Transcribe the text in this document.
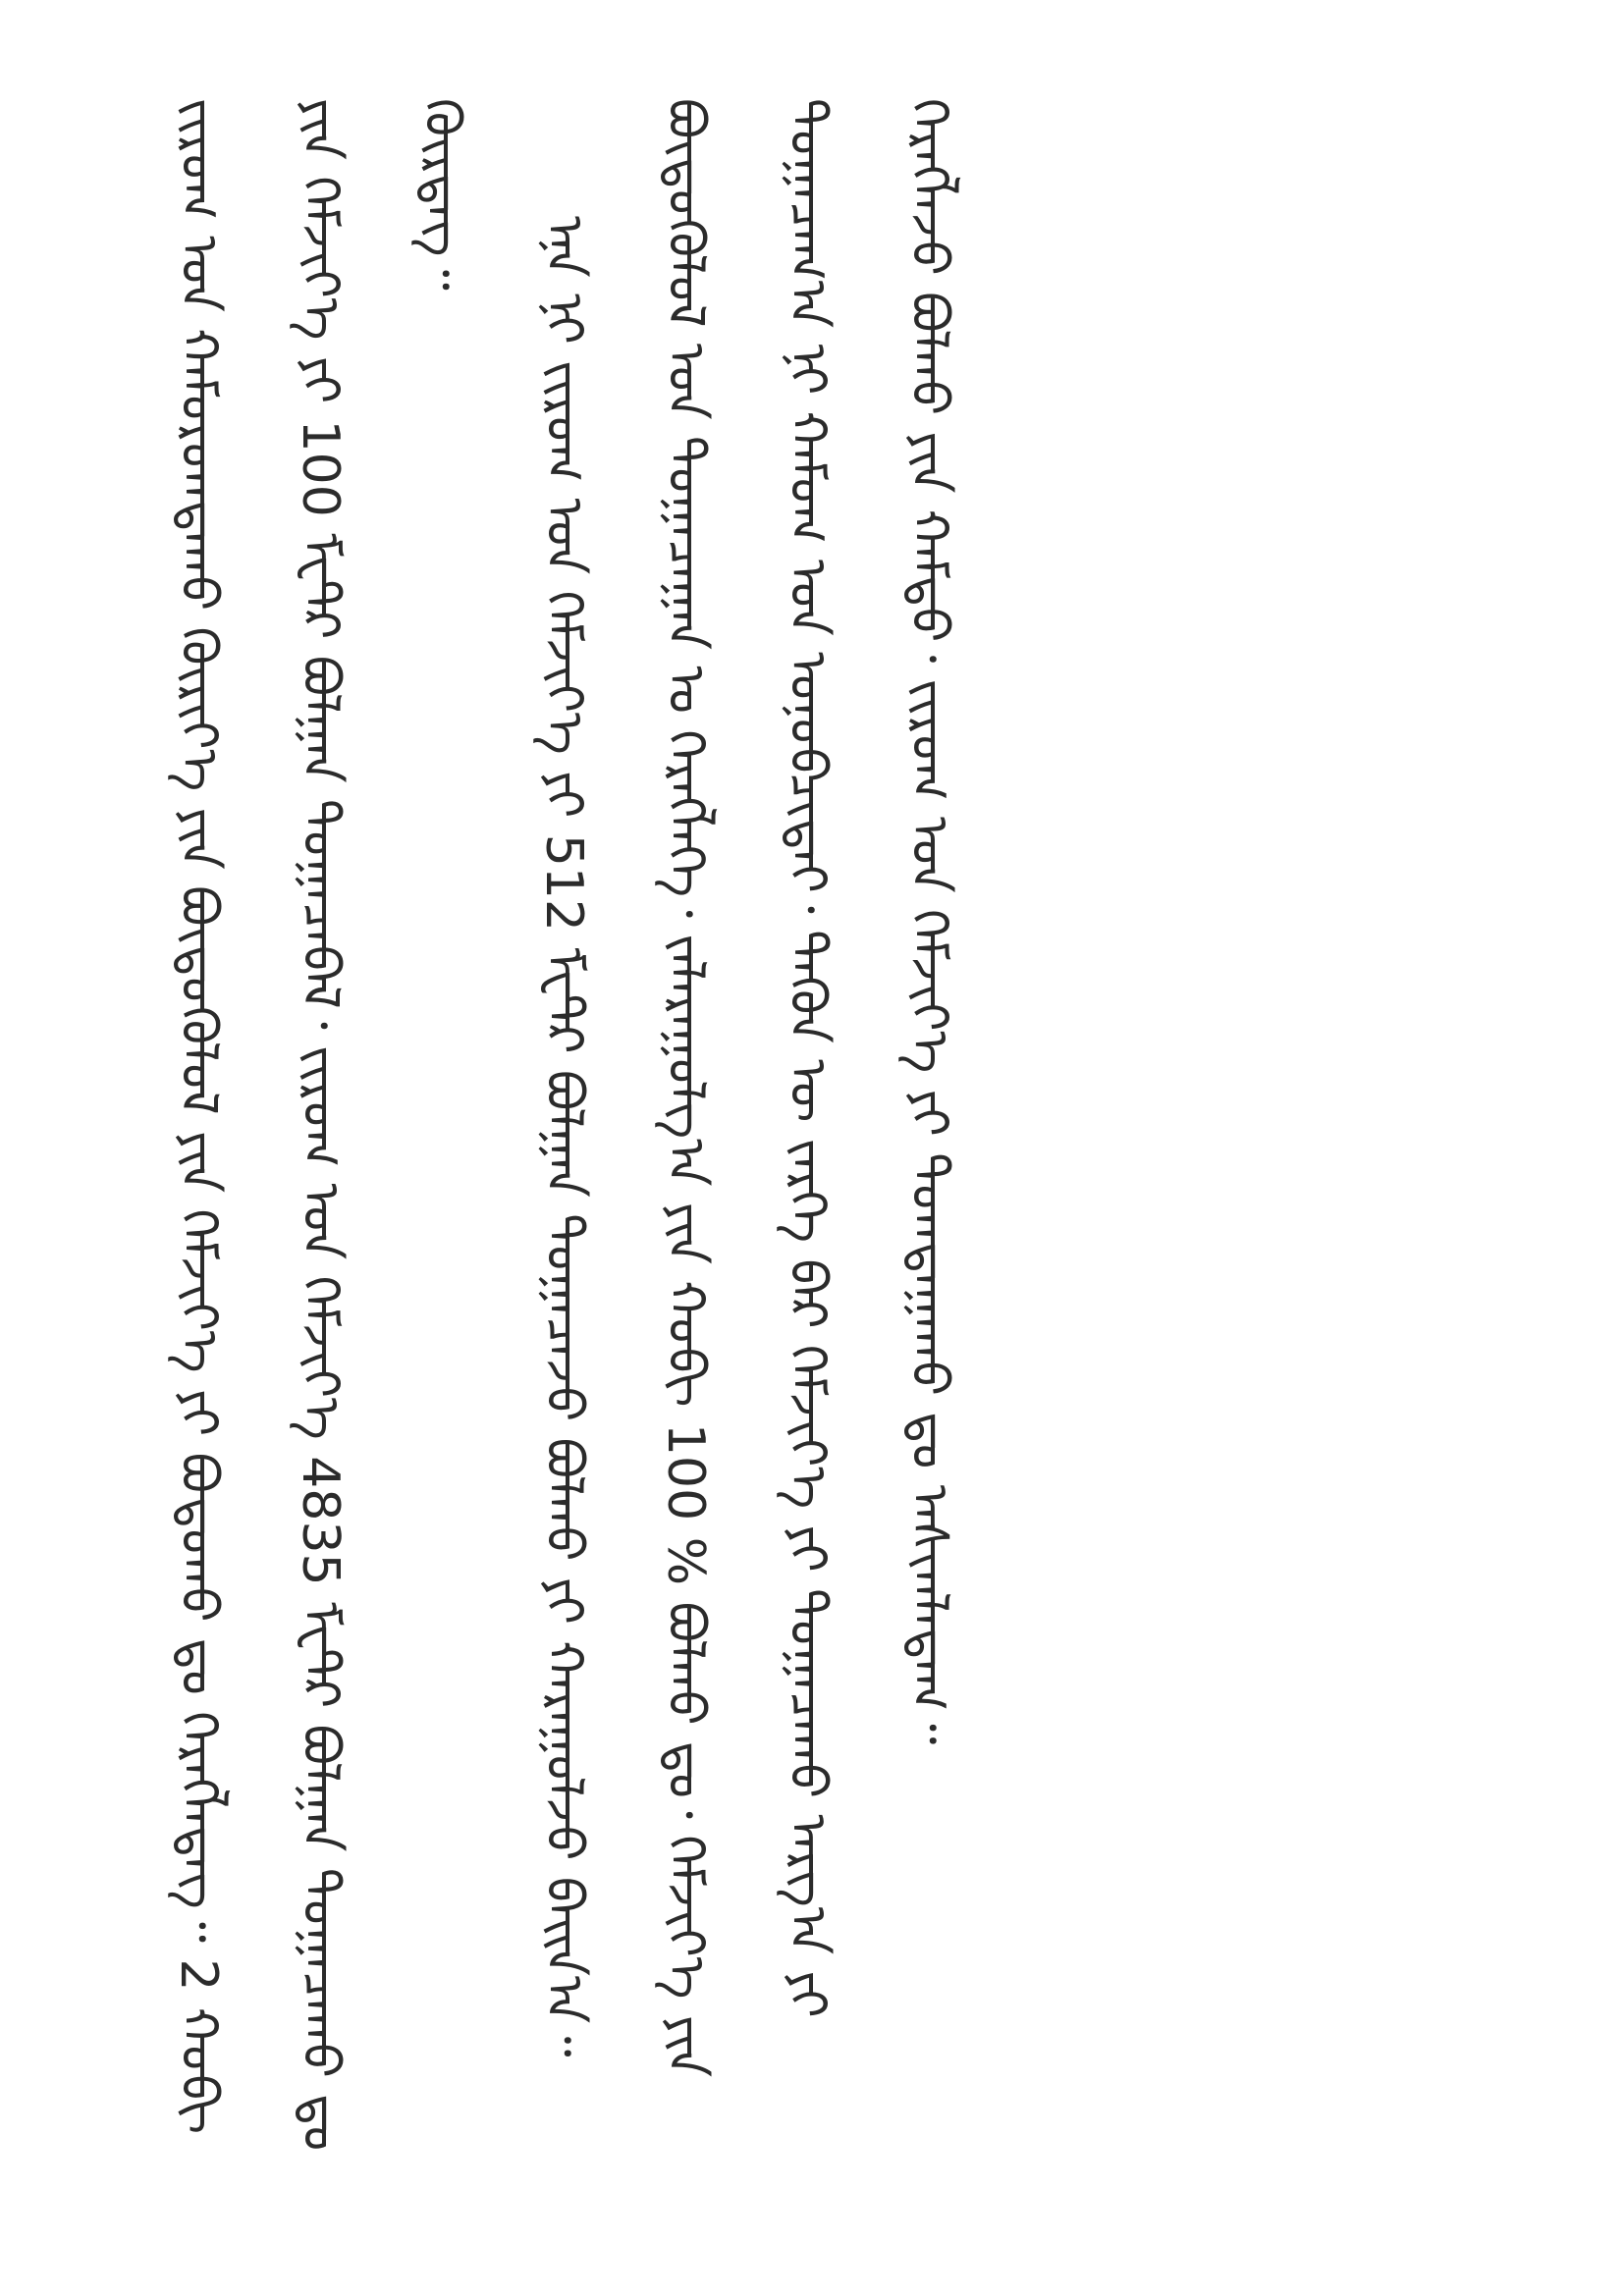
ᠵᠢᠷᠤᠭ ᠤᠨ ᠬᠠᠮᠤᠷᠤᠭᠳᠠᠬᠤ ᠬᠦᠷᠢᠶ᠎ᠡ ᠶᠢᠨ ᠪᠦᠳᠦᠭᠦᠯᠦᠯ ᠶᠢᠨ ᠬᠡᠮᠵᠢᠶ᠎ᠡ ᠶᠢ ᠪᠣᠳᠣᠬᠤ ᠳᠤ ᠬᠡᠷᠡᠭᠯᠡᠳᠡᠭ᠃ 2 ᠬᠤᠪᠢ ᠶᠢᠨ ᠬᠡᠮᠵᠢᠶ᠎ᠡ ᠶᠢ 100 ᠮᠧᠲ᠋ᠷ ᠪᠣᠯᠭᠠᠨ ᠲᠣᠭᠠᠴᠠᠪᠠᠯ᠂ ᠵᠢᠷᠤᠭ ᠤᠨ ᠬᠡᠮᠵᠢᠶ᠎ᠡ 4835 ᠮᠧᠲ᠋ᠷ ᠪᠣᠯᠭᠠᠨ ᠲᠣᠭᠠᠴᠠᠬᠤ ᠳᠤ ᠬᠦᠷᠳᠡᠭ᠃

ᠡᠨᠡ ᠨᠢ ᠵᠢᠷᠤᠭ ᠤᠨ ᠬᠡᠮᠵᠢᠶ᠎ᠡ ᠶᠢ 512 ᠮᠧᠲ᠋ᠷ ᠪᠣᠯᠭᠠᠨ ᠲᠣᠭᠠᠴᠠᠵᠤ ᠪᠣᠯᠬᠤ ᠶᠢ ᠬᠠᠷᠠᠭᠤᠯᠵᠤ ᠪᠠᠢᠨ᠎ᠠ᠃	ᠪᠦᠳᠦᠭᠦᠯᠦᠯ ᠤᠨ ᠲᠣᠭᠠᠴᠠᠭᠠᠨ ᠤ ᠬᠡᠷᠡᠭᠯᠡᠭᠡ᠂ ᠵᠠᠯᠠᠷᠠᠭᠤᠯᠭ᠎ᠠ ᠶᠢᠨ ᠬᠤᠪᠢ 100 % ᠪᠣᠯᠬᠤ ᠳᠤ᠂ ᠬᠡᠮᠵᠢᠶ᠎ᠡ ᠶᠢᠨ ᠲᠣᠭᠠᠴᠠᠭ᠎ᠠ ᠨᠢ ᠬᠠᠮᠤᠭ ᠤᠨ ᠤᠨᠤᠪᠴᠢᠲᠠᠢ᠂ ᠲᠡᠭᠦᠨ ᠦ ᠵᠡᠷᠭᠡ ᠪᠡᠷ ᠬᠡᠮᠵᠢᠶ᠎ᠡ ᠶᠢ ᠲᠣᠭᠠᠴᠠᠬᠤ ᠠᠷᠭ᠎ᠠ ᠶᠢ ᠬᠡᠷᠡᠭᠯᠡᠵᠦ ᠪᠣᠯᠬᠤ ᠶᠢᠨ ᠬᠠᠮᠲᠤ᠂ ᠵᠢᠷᠤᠭ ᠤᠨ ᠬᠡᠮᠵᠢᠶ᠎ᠡ ᠶᠢ ᠲᠣᠭᠲᠠᠭᠠᠬᠤ ᠳᠤ ᠠᠰᠢᠭᠯᠠᠳᠠᠭ᠃
